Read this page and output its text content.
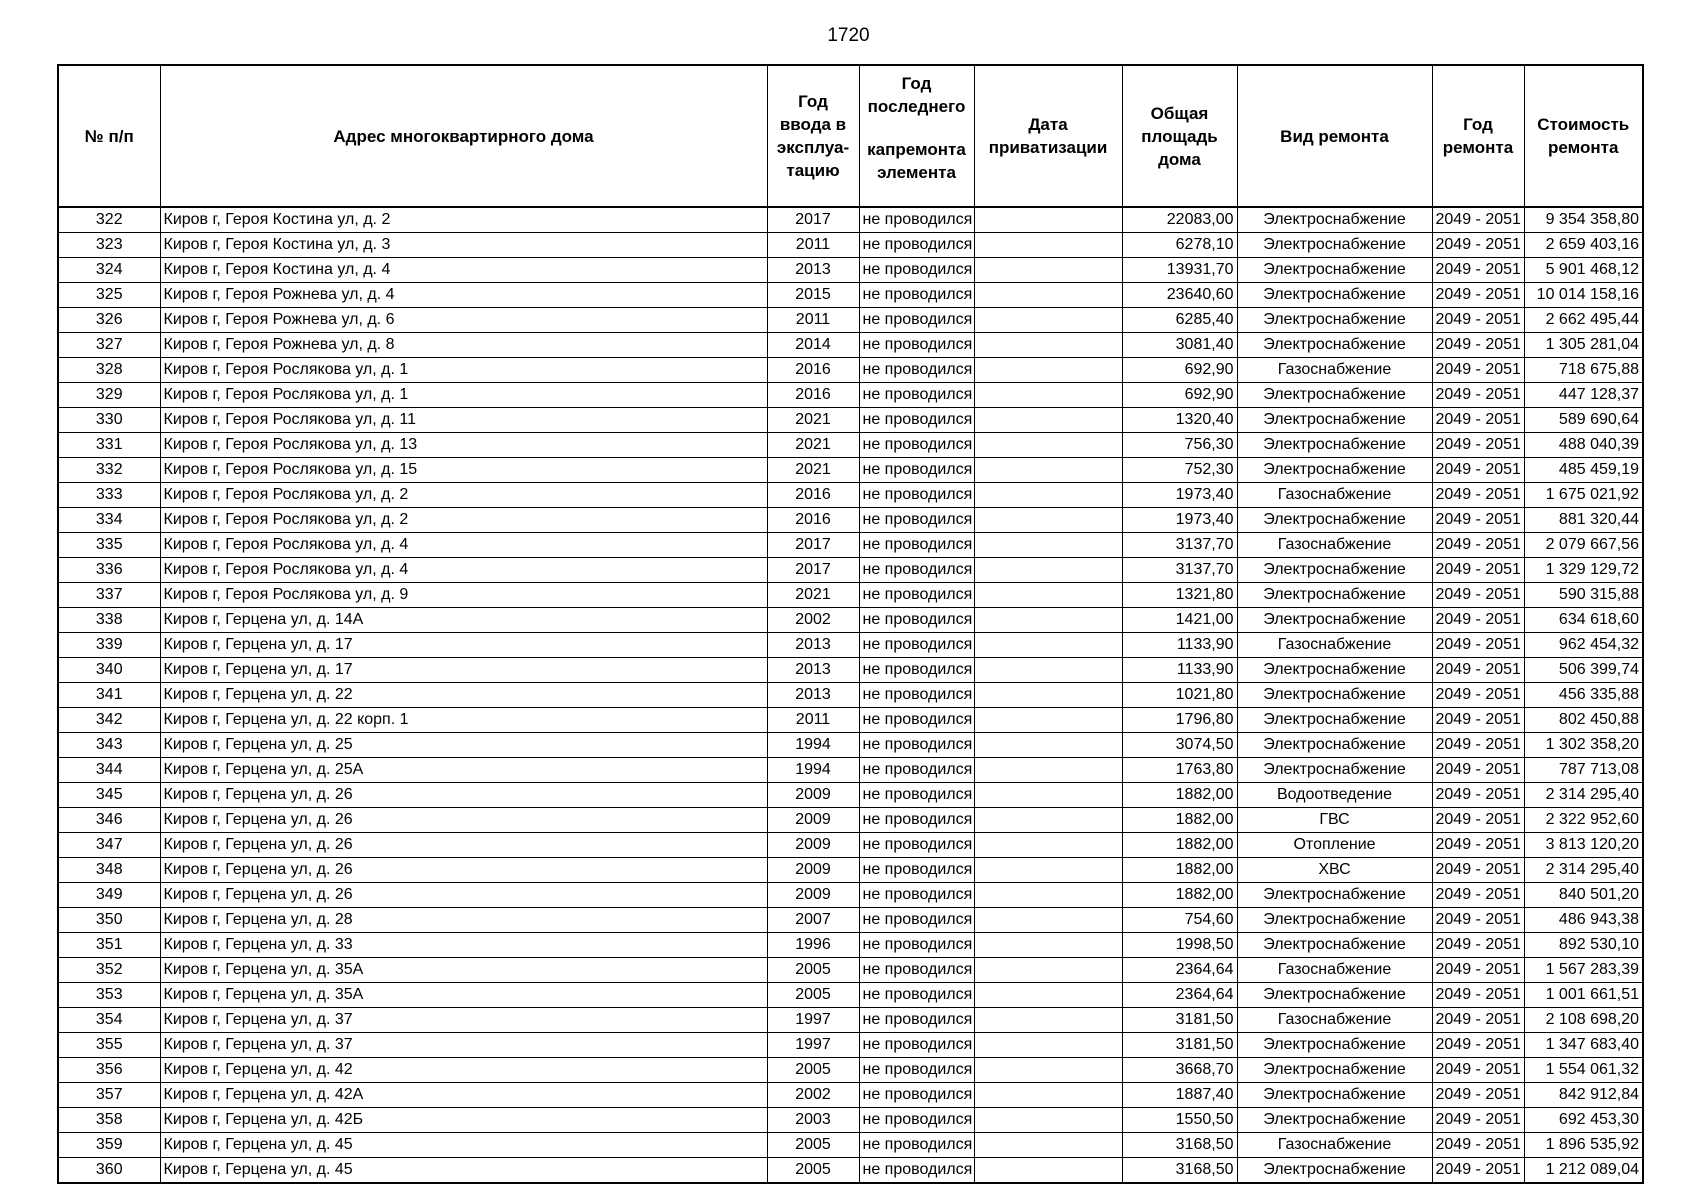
1720
№ п/п	Адрес многоквартирного дома	Год ввода в эксплуа-тацию	Год последнего
капремонта элемента	Дата приватизации	Общая площадь дома	Вид ремонта	Год ремонта	Стоимость ремонта
322	Киров г, Героя Костина ул, д. 2	2017	не проводился		22083,00	Электроснабжение	2049 - 2051	9 354 358,80
323	Киров г, Героя Костина ул, д. 3	2011	не проводился		6278,10	Электроснабжение	2049 - 2051	2 659 403,16
324	Киров г, Героя Костина ул, д. 4	2013	не проводился		13931,70	Электроснабжение	2049 - 2051	5 901 468,12
325	Киров г, Героя Рожнева ул, д. 4	2015	не проводился		23640,60	Электроснабжение	2049 - 2051	10 014 158,16
326	Киров г, Героя Рожнева ул, д. 6	2011	не проводился		6285,40	Электроснабжение	2049 - 2051	2 662 495,44
327	Киров г, Героя Рожнева ул, д. 8	2014	не проводился		3081,40	Электроснабжение	2049 - 2051	1 305 281,04
328	Киров г, Героя Рослякова ул, д. 1	2016	не проводился		692,90	Газоснабжение	2049 - 2051	718 675,88
329	Киров г, Героя Рослякова ул, д. 1	2016	не проводился		692,90	Электроснабжение	2049 - 2051	447 128,37
330	Киров г, Героя Рослякова ул, д. 11	2021	не проводился		1320,40	Электроснабжение	2049 - 2051	589 690,64
331	Киров г, Героя Рослякова ул, д. 13	2021	не проводился		756,30	Электроснабжение	2049 - 2051	488 040,39
332	Киров г, Героя Рослякова ул, д. 15	2021	не проводился		752,30	Электроснабжение	2049 - 2051	485 459,19
333	Киров г, Героя Рослякова ул, д. 2	2016	не проводился		1973,40	Газоснабжение	2049 - 2051	1 675 021,92
334	Киров г, Героя Рослякова ул, д. 2	2016	не проводился		1973,40	Электроснабжение	2049 - 2051	881 320,44
335	Киров г, Героя Рослякова ул, д. 4	2017	не проводился		3137,70	Газоснабжение	2049 - 2051	2 079 667,56
336	Киров г, Героя Рослякова ул, д. 4	2017	не проводился		3137,70	Электроснабжение	2049 - 2051	1 329 129,72
337	Киров г, Героя Рослякова ул, д. 9	2021	не проводился		1321,80	Электроснабжение	2049 - 2051	590 315,88
338	Киров г, Герцена ул, д. 14А	2002	не проводился		1421,00	Электроснабжение	2049 - 2051	634 618,60
339	Киров г, Герцена ул, д. 17	2013	не проводился		1133,90	Газоснабжение	2049 - 2051	962 454,32
340	Киров г, Герцена ул, д. 17	2013	не проводился		1133,90	Электроснабжение	2049 - 2051	506 399,74
341	Киров г, Герцена ул, д. 22	2013	не проводился		1021,80	Электроснабжение	2049 - 2051	456 335,88
342	Киров г, Герцена ул, д. 22 корп. 1	2011	не проводился		1796,80	Электроснабжение	2049 - 2051	802 450,88
343	Киров г, Герцена ул, д. 25	1994	не проводился		3074,50	Электроснабжение	2049 - 2051	1 302 358,20
344	Киров г, Герцена ул, д. 25А	1994	не проводился		1763,80	Электроснабжение	2049 - 2051	787 713,08
345	Киров г, Герцена ул, д. 26	2009	не проводился		1882,00	Водоотведение	2049 - 2051	2 314 295,40
346	Киров г, Герцена ул, д. 26	2009	не проводился		1882,00	ГВС	2049 - 2051	2 322 952,60
347	Киров г, Герцена ул, д. 26	2009	не проводился		1882,00	Отопление	2049 - 2051	3 813 120,20
348	Киров г, Герцена ул, д. 26	2009	не проводился		1882,00	ХВС	2049 - 2051	2 314 295,40
349	Киров г, Герцена ул, д. 26	2009	не проводился		1882,00	Электроснабжение	2049 - 2051	840 501,20
350	Киров г, Герцена ул, д. 28	2007	не проводился		754,60	Электроснабжение	2049 - 2051	486 943,38
351	Киров г, Герцена ул, д. 33	1996	не проводился		1998,50	Электроснабжение	2049 - 2051	892 530,10
352	Киров г, Герцена ул, д. 35А	2005	не проводился		2364,64	Газоснабжение	2049 - 2051	1 567 283,39
353	Киров г, Герцена ул, д. 35А	2005	не проводился		2364,64	Электроснабжение	2049 - 2051	1 001 661,51
354	Киров г, Герцена ул, д. 37	1997	не проводился		3181,50	Газоснабжение	2049 - 2051	2 108 698,20
355	Киров г, Герцена ул, д. 37	1997	не проводился		3181,50	Электроснабжение	2049 - 2051	1 347 683,40
356	Киров г, Герцена ул, д. 42	2005	не проводился		3668,70	Электроснабжение	2049 - 2051	1 554 061,32
357	Киров г, Герцена ул, д. 42А	2002	не проводился		1887,40	Электроснабжение	2049 - 2051	842 912,84
358	Киров г, Герцена ул, д. 42Б	2003	не проводился		1550,50	Электроснабжение	2049 - 2051	692 453,30
359	Киров г, Герцена ул, д. 45	2005	не проводился		3168,50	Газоснабжение	2049 - 2051	1 896 535,92
360	Киров г, Герцена ул, д. 45	2005	не проводился		3168,50	Электроснабжение	2049 - 2051	1 212 089,04
